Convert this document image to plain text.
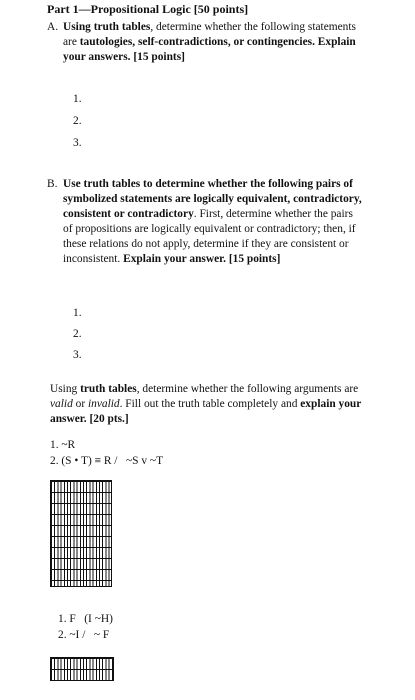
Part 1—Propositional Logic [50 points]
A. Using truth tables, determine whether the following statements are tautologies, self-contradictions, or contingencies. Explain your answers. [15 points]
1.
2.
3.
B. Use truth tables to determine whether the following pairs of symbolized statements are logically equivalent, contradictory, consistent or contradictory. First, determine whether the pairs of propositions are logically equivalent or contradictory; then, if these relations do not apply, determine if they are consistent or inconsistent. Explain your answer. [15 points]
1.
2.
3.
Using truth tables, determine whether the following arguments are valid or invalid. Fill out the truth table completely and explain your answer. [20 pts.]
1. ~R
2. (S • T) ≡ R /   ~S v ~T
1. F   (I ~H)
2. ~I /   ~ F
